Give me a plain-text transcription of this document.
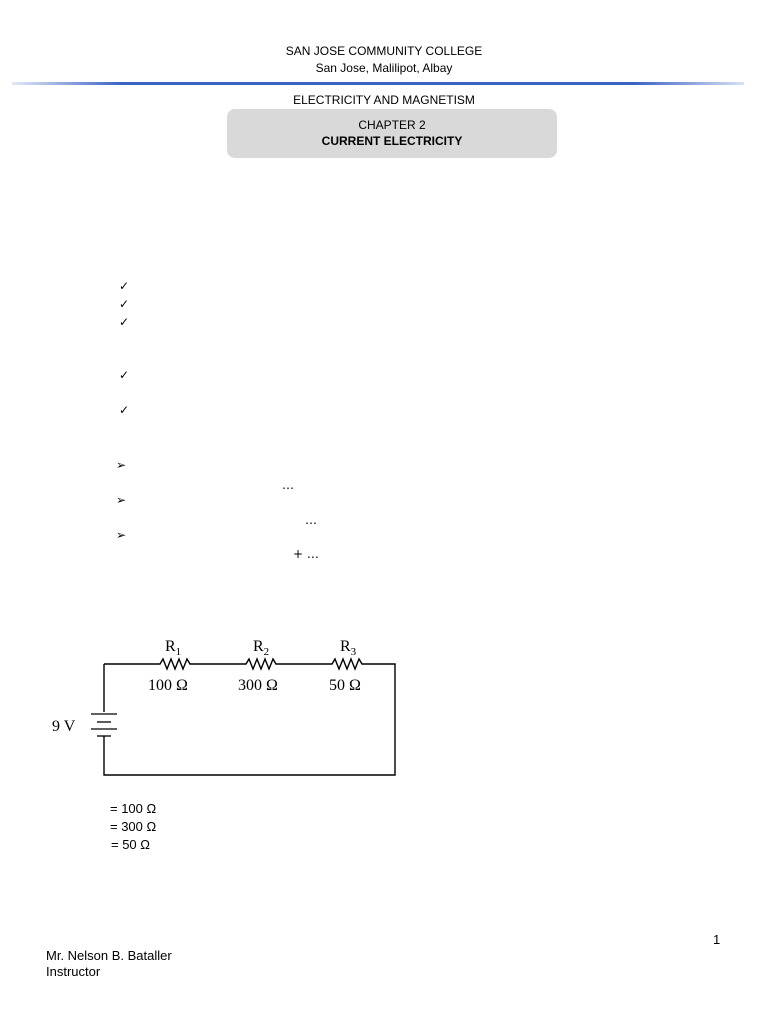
SAN JOSE COMMUNITY COLLEGE
San Jose, Malilipot, Albay
ELECTRICITY AND MAGNETISM
CHAPTER 2
CURRENT ELECTRICITY
✓
✓
✓
✓
✓
➢
…
➢
…
➢
+ …
9 V
$R_1$
100 Ω
$R_2$
300 Ω
$R_3$
50 Ω
= 100 Ω
= 300 Ω
= 50 Ω
1
Mr. Nelson B. Bataller
Instructor
